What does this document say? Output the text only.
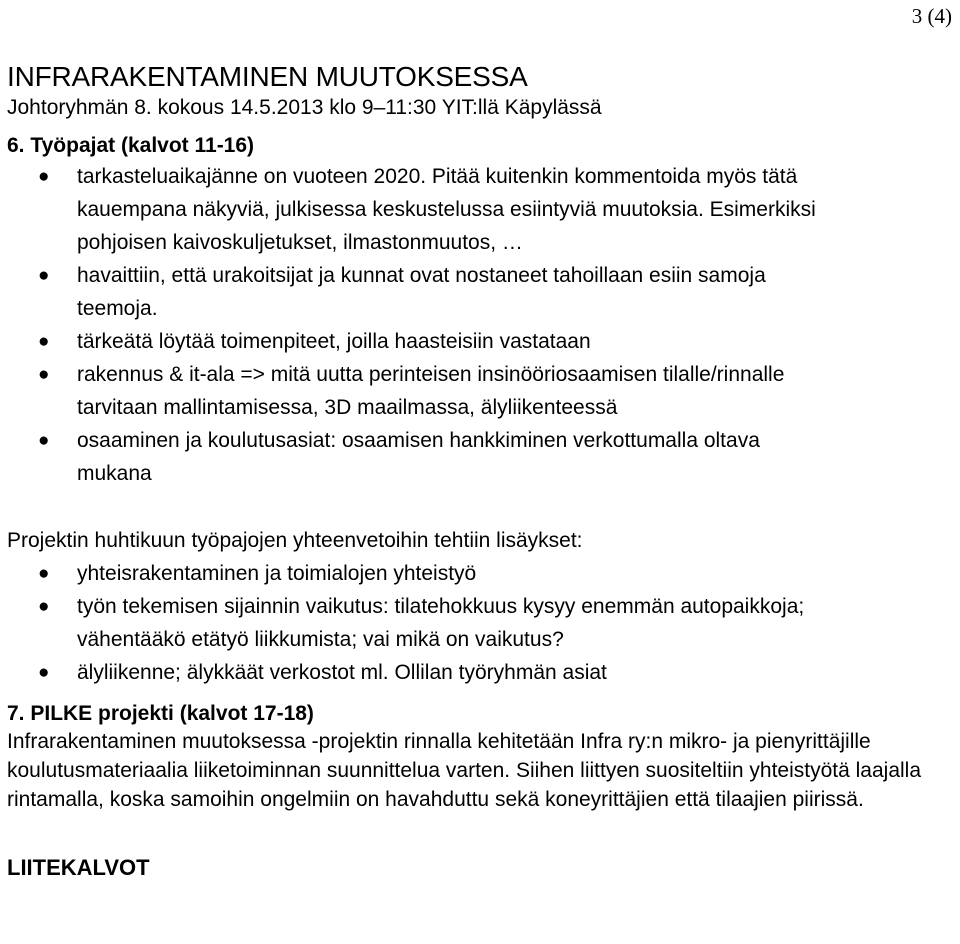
3 (4)
INFRARAKENTAMINEN MUUTOKSESSA
Johtoryhmän 8. kokous 14.5.2013 klo 9–11:30 YIT:llä Käpylässä
6. Työpajat (kalvot 11-16)
● tarkasteluaikajänne on vuoteen 2020. Pitää kuitenkin kommentoida myös tätä
kauempana näkyviä, julkisessa keskustelussa esiintyviä muutoksia. Esimerkiksi
pohjoisen kaivoskuljetukset, ilmastonmuutos, …
● havaittiin, että urakoitsijat ja kunnat ovat nostaneet tahoillaan esiin samoja
teemoja.
● tärkeätä löytää toimenpiteet, joilla haasteisiin vastataan
● rakennus & it-ala => mitä uutta perinteisen insinööriosaamisen tilalle/rinnalle
tarvitaan mallintamisessa, 3D maailmassa, älyliikenteessä
● osaaminen ja koulutusasiat: osaamisen hankkiminen verkottumalla oltava
mukana

Projektin huhtikuun työpajojen yhteenvetoihin tehtiin lisäykset:

● yhteisrakentaminen ja toimialojen yhteistyö
● työn tekemisen sijainnin vaikutus: tilatehokkuus kysyy enemmän autopaikkoja;
vähentääkö etätyö liikkumista; vai mikä on vaikutus?
● älyliikenne; älykkäät verkostot ml. Ollilan työryhmän asiat
7. PILKE projekti (kalvot 17-18)

Infrarakentaminen muutoksessa -projektin rinnalla kehitetään Infra ry:n mikro- ja pienyrittäjille koulutusmateriaalia liiketoiminnan suunnittelua varten. Siihen liittyen suositeltiin yhteistyötä laajalla rintamalla, koska samoihin ongelmiin on havahduttu sekä koneyrittäjien että tilaajien piirissä.

LIITEKALVOT
